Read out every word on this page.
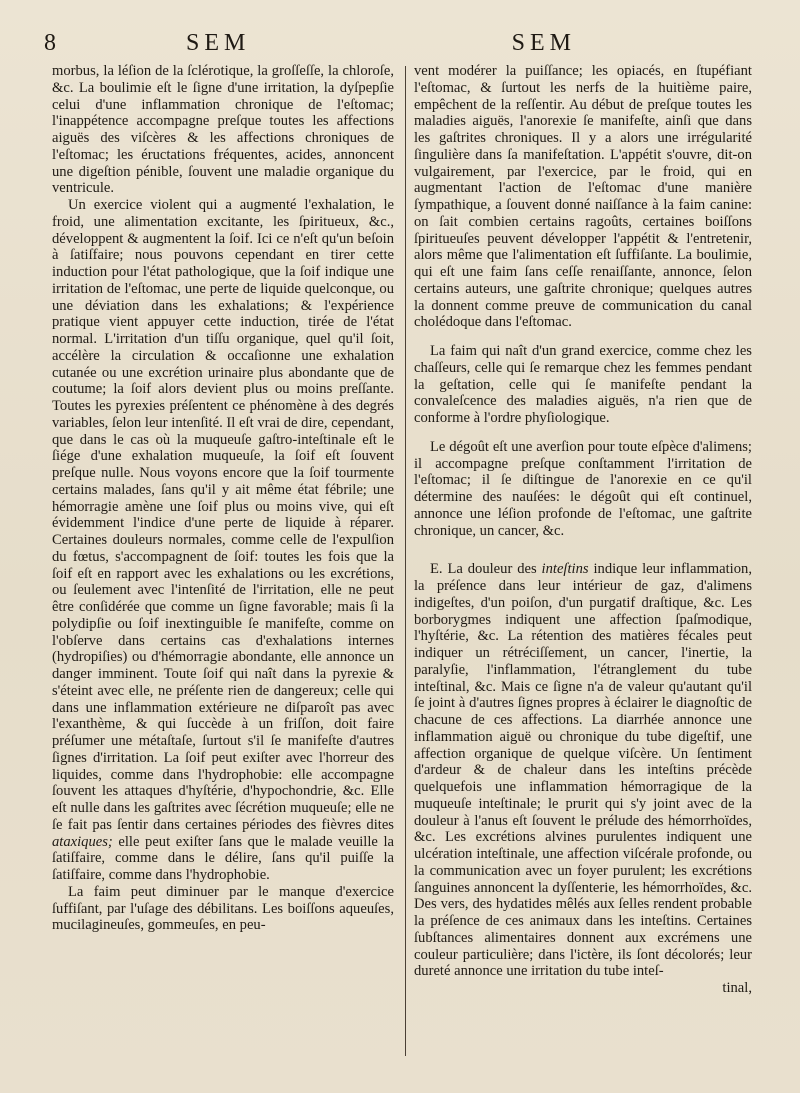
8	SEM	SEM

morbus, la léſion de la ſclérotique, la groſſeſſe, la chloroſe, &c. La boulimie eſt le ſigne d'une irritation, la dyſpepſie celui d'une inflammation chronique de l'eſtomac; l'inappétence accompagne preſque toutes les affections aiguës des viſcères & les affections chroniques de l'eſtomac; les éructations fréquentes, acides, annoncent une digeſtion pénible, ſouvent une maladie organique du ventricule.

Un exercice violent qui a augmenté l'exhalation, le froid, une alimentation excitante, les ſpiritueux, &c., développent & augmentent la ſoif. Ici ce n'eſt qu'un beſoin à ſatiſfaire; nous pouvons cependant en tirer cette induction pour l'état pathologique, que la ſoif indique une irritation de l'eſtomac, une perte de liquide quelconque, ou une déviation dans les exhalations; & l'expérience pratique vient appuyer cette induction, tirée de l'état normal. L'irritation d'un tiſſu organique, quel qu'il ſoit, accélère la circulation & occaſionne une exhalation cutanée ou une excrétion urinaire plus abondante que de coutume; la ſoif alors devient plus ou moins preſſante. Toutes les pyrexies préſentent ce phénomène à des degrés variables, ſelon leur intenſité. Il eſt vrai de dire, cependant, que dans le cas où la muqueuſe gaſtro-inteſtinale eſt le ſiége d'une exhalation muqueuſe, la ſoif eſt ſouvent preſque nulle. Nous voyons encore que la ſoif tourmente certains malades, ſans qu'il y ait même état fébrile; une hémorragie amène une ſoif plus ou moins vive, qui eſt évidemment l'indice d'une perte de liquide à réparer. Certaines douleurs normales, comme celle de l'expulſion du fœtus, s'accompagnent de ſoif: toutes les fois que la ſoif eſt en rapport avec les exhalations ou les excrétions, ou ſeulement avec l'intenſité de l'irritation, elle ne peut être conſidérée que comme un ſigne favorable; mais ſi la polydipſie ou ſoif inextinguible ſe manifeſte, comme on l'obſerve dans certains cas d'exhalations internes (hydropiſies) ou d'hémorragie abondante, elle annonce un danger imminent. Toute ſoif qui naît dans la pyrexie & s'éteint avec elle, ne préſente rien de dangereux; celle qui dans une inflammation extérieure ne diſparoît pas avec l'exanthème, & qui ſuccède à un friſſon, doit faire préſumer une métaſtaſe, ſurtout s'il ſe manifeſte d'autres ſignes d'irritation. La ſoif peut exiſter avec l'horreur des liquides, comme dans l'hydrophobie: elle accompagne ſouvent les attaques d'hyſtérie, d'hypochondrie, &c. Elle eſt nulle dans les gaſtrites avec ſécrétion muqueuſe; elle ne ſe fait pas ſentir dans certaines périodes des fièvres dites ataxiques; elle peut exiſter ſans que le malade veuille la ſatiſfaire, comme dans le délire, ſans qu'il puiſſe la ſatiſfaire, comme dans l'hydrophobie.

La faim peut diminuer par le manque d'exercice ſuffiſant, par l'uſage des débilitans. Les boiſſons aqueuſes, mucilagineuſes, gommeuſes, en peu-

vent modérer la puiſſance; les opiacés, en ſtupéfiant l'eſtomac, & ſurtout les nerfs de la huitième paire, empêchent de la reſſentir. Au début de preſque toutes les maladies aiguës, l'anorexie ſe manifeſte, ainſi que dans les gaſtrites chroniques. Il y a alors une irrégularité ſingulière dans ſa manifeſtation. L'appétit s'ouvre, dit-on vulgairement, par l'exercice, par le froid, qui en augmentant l'action de l'eſtomac d'une manière ſympathique, a ſouvent donné naiſſance à la faim canine: on ſait combien certains ragoûts, certaines boiſſons ſpiritueuſes peuvent développer l'appétit & l'entretenir, alors même que l'alimentation eſt ſuffiſante. La boulimie, qui eſt une faim ſans ceſſe renaiſſante, annonce, ſelon certains auteurs, une gaſtrite chronique; quelques autres la donnent comme preuve de communication du canal cholédoque dans l'eſtomac.

La faim qui naît d'un grand exercice, comme chez les chaſſeurs, celle qui ſe remarque chez les femmes pendant la geſtation, celle qui ſe manifeſte pendant la convaleſcence des maladies aiguës, n'a rien que de conforme à l'ordre phyſiologique.

Le dégoût eſt une averſion pour toute eſpèce d'alimens; il accompagne preſque conſtamment l'irritation de l'eſtomac; il ſe diſtingue de l'anorexie en ce qu'il détermine des nauſées: le dégoût qui eſt continuel, annonce une léſion profonde de l'eſtomac, une gaſtrite chronique, un cancer, &c.

E. La douleur des inteſtins indique leur inflammation, la préſence dans leur intérieur de gaz, d'alimens indigeſtes, d'un poiſon, d'un purgatif draſtique, &c. Les borborygmes indiquent une affection ſpaſmodique, l'hyſtérie, &c. La rétention des matières fécales peut indiquer un rétréciſſement, un cancer, l'inertie, la paralyſie, l'inflammation, l'étranglement du tube inteſtinal, &c. Mais ce ſigne n'a de valeur qu'autant qu'il ſe joint à d'autres ſignes propres à éclairer le diagnoſtic de chacune de ces affections. La diarrhée annonce une inflammation aiguë ou chronique du tube digeſtif, une affection organique de quelque viſcère. Un ſentiment d'ardeur & de chaleur dans les inteſtins précède quelquefois une inflammation hémorragique de la muqueuſe inteſtinale; le prurit qui s'y joint avec de la douleur à l'anus eſt ſouvent le prélude des hémorrhoïdes, &c. Les excrétions alvines purulentes indiquent une ulcération inteſtinale, une affection viſcérale profonde, ou la communication avec un foyer purulent; les excrétions ſanguines annoncent la dyſſenterie, les hémorrhoïdes, &c. Des vers, des hydatides mêlés aux ſelles rendent probable la préſence de ces animaux dans les inteſtins. Certaines ſubſtances alimentaires donnent aux excrémens une couleur particulière; dans l'ictère, ils ſont décolorés; leur dureté annonce une irritation du tube inteſ-

tinal,
